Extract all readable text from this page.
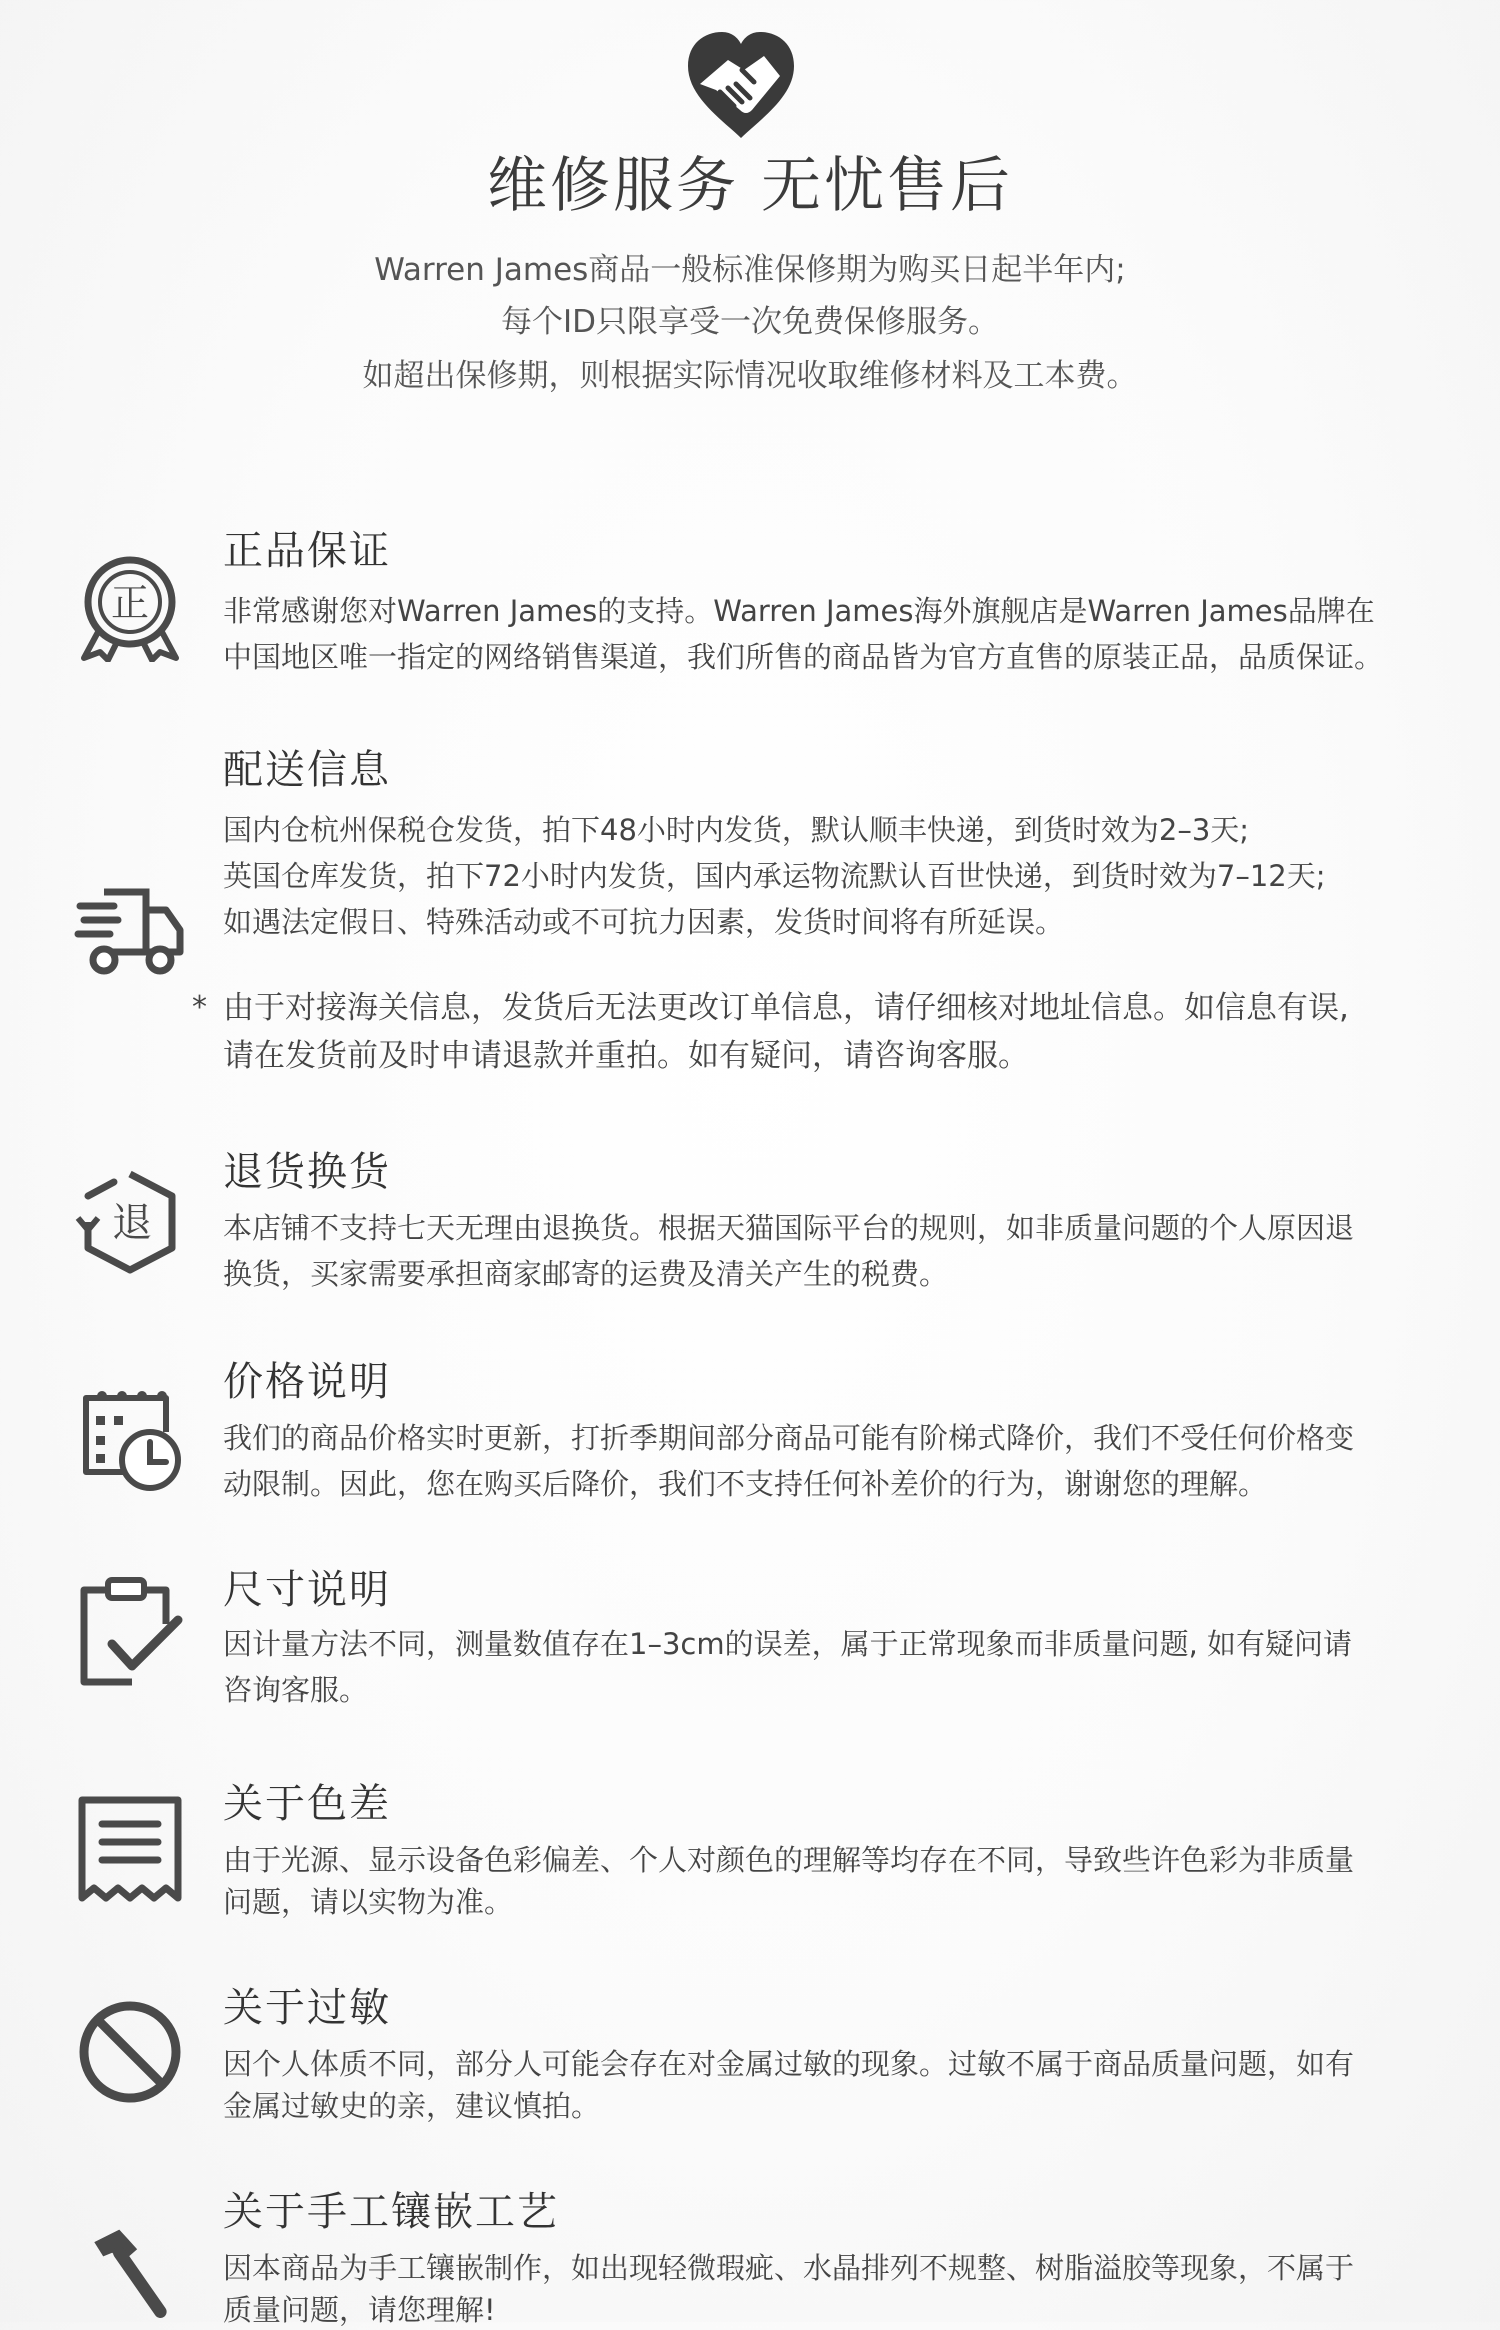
维修服务 无忧售后
Warren James商品一般标准保修期为购买日起半年内;
每个ID只限享受一次免费保修服务。
如超出保修期，则根据实际情况收取维修材料及工本费。
正
正品保证
非常感谢您对Warren James的支持。Warren James海外旗舰店是Warren James品牌在
中国地区唯一指定的网络销售渠道，我们所售的商品皆为官方直售的原装正品，品质保证。
配送信息
国内仓杭州保税仓发货，拍下48小时内发货，默认顺丰快递，到货时效为2–3天;
英国仓库发货，拍下72小时内发货，国内承运物流默认百世快递，到货时效为7–12天;
如遇法定假日、特殊活动或不可抗力因素，发货时间将有所延误。
* 由于对接海关信息，发货后无法更改订单信息，请仔细核对地址信息。如信息有误,
请在发货前及时申请退款并重拍。如有疑问，请咨询客服。
退
退货换货
本店铺不支持七天无理由退换货。根据天猫国际平台的规则，如非质量问题的个人原因退
换货，买家需要承担商家邮寄的运费及清关产生的税费。
价格说明
我们的商品价格实时更新，打折季期间部分商品可能有阶梯式降价，我们不受任何价格变
动限制。因此，您在购买后降价，我们不支持任何补差价的行为，谢谢您的理解。
尺寸说明
因计量方法不同，测量数值存在1–3cm的误差，属于正常现象而非质量问题, 如有疑问请
咨询客服。
关于色差
由于光源、显示设备色彩偏差、个人对颜色的理解等均存在不同，导致些许色彩为非质量
问题，请以实物为准。
关于过敏
因个人体质不同，部分人可能会存在对金属过敏的现象。过敏不属于商品质量问题，如有
金属过敏史的亲，建议慎拍。
关于手工镶嵌工艺
因本商品为手工镶嵌制作，如出现轻微瑕疵、水晶排列不规整、树脂溢胶等现象，不属于
质量问题，请您理解!
